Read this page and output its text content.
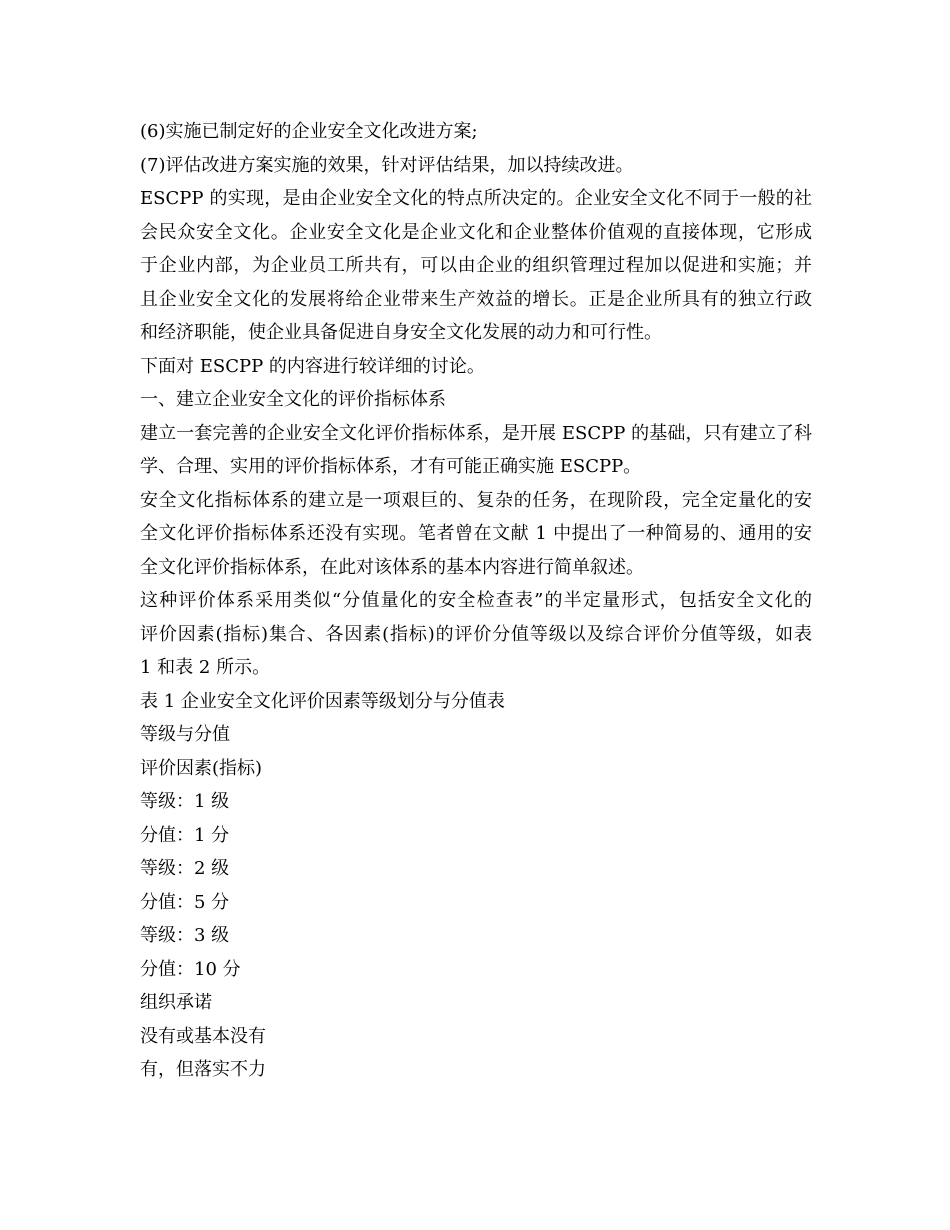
(6)实施已制定好的企业安全文化改进方案;

(7)评估改进方案实施的效果，针对评估结果，加以持续改进。

ESCPP 的实现，是由企业安全文化的特点所决定的。企业安全文化不同于一般的社

会民众安全文化。企业安全文化是企业文化和企业整体价值观的直接体现，它形成

于企业内部，为企业员工所共有，可以由企业的组织管理过程加以促进和实施；并

且企业安全文化的发展将给企业带来生产效益的增长。正是企业所具有的独立行政

和经济职能，使企业具备促进自身安全文化发展的动力和可行性。

下面对 ESCPP 的内容进行较详细的讨论。

一、建立企业安全文化的评价指标体系

建立一套完善的企业安全文化评价指标体系，是开展 ESCPP 的基础，只有建立了科

学、合理、实用的评价指标体系，才有可能正确实施 ESCPP。

安全文化指标体系的建立是一项艰巨的、复杂的任务，在现阶段，完全定量化的安

全文化评价指标体系还没有实现。笔者曾在文献 1 中提出了一种简易的、通用的安

全文化评价指标体系，在此对该体系的基本内容进行简单叙述。

这种评价体系采用类似“分值量化的安全检查表”的半定量形式，包括安全文化的

评价因素(指标)集合、各因素(指标)的评价分值等级以及综合评价分值等级，如表

1 和表 2 所示。

表 1 企业安全文化评价因素等级划分与分值表

等级与分值

评价因素(指标)

等级：1 级

分值：1 分

等级：2 级

分值：5 分

等级：3 级

分值：10 分

组织承诺

没有或基本没有

有，但落实不力
